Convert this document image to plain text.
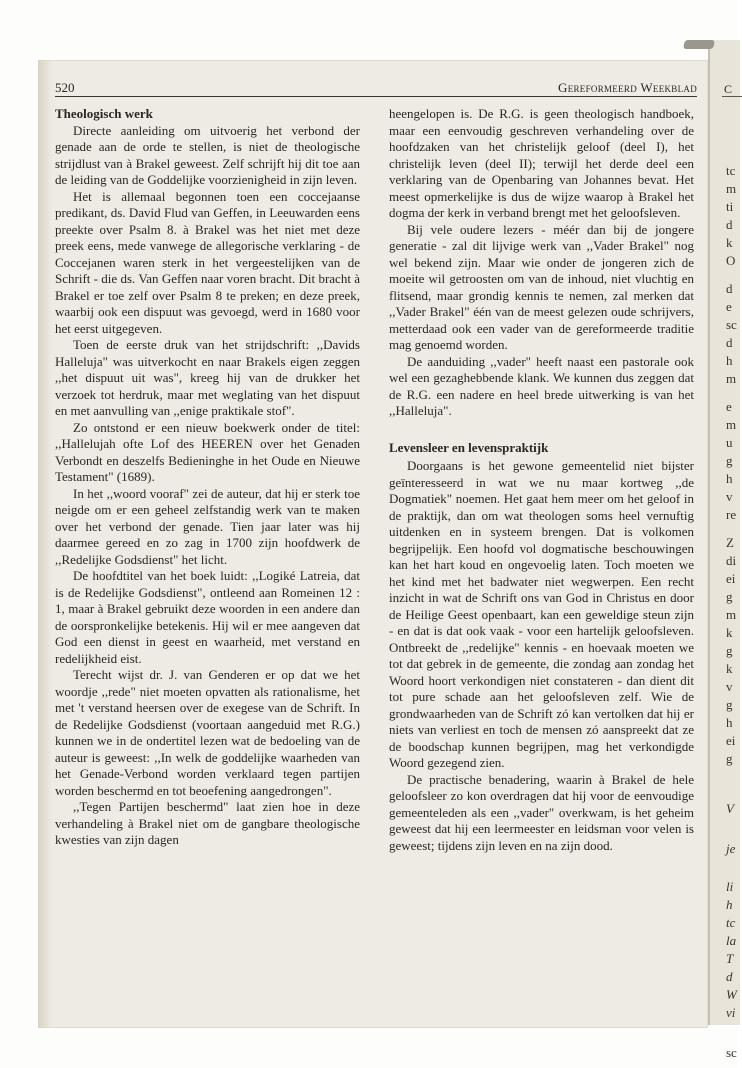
C
tc
m
ti
d
k
O
d
e
sc
d
h
m
e
m
u
g
h
v
re
Z
di
ei
g
m
k
g
k
v
g
h
ei
g
V
je
li
h
tc
la
T
d
W
vi
sc
520	Gereformeerd Weekblad
Theologisch werk

Directe aanleiding om uitvoerig het verbond der genade aan de orde te stellen, is niet de theologische strijdlust van à Brakel geweest. Zelf schrijft hij dit toe aan de leiding van de Goddelijke voorzienigheid in zijn leven.

Het is allemaal begonnen toen een coccejaanse predikant, ds. David Flud van Geffen, in Leeuwarden eens preekte over Psalm 8. à Brakel was het niet met deze preek eens, mede vanwege de allegorische verklaring - de Coccejanen waren sterk in het vergeestelijken van de Schrift - die ds. Van Geffen naar voren bracht. Dit bracht à Brakel er toe zelf over Psalm 8 te preken; en deze preek, waarbij ook een dispuut was gevoegd, werd in 1680 voor het eerst uitgegeven.

Toen de eerste druk van het strijdschrift: ,,Davids Halleluja" was uitverkocht en naar Brakels eigen zeggen ,,het dispuut uit was", kreeg hij van de drukker het verzoek tot herdruk, maar met weglating van het dispuut en met aanvulling van ,,enige praktikale stof".

Zo ontstond er een nieuw boekwerk onder de titel: ,,Hallelujah ofte Lof des HEEREN over het Genaden Verbondt en deszelfs Bedieninghe in het Oude en Nieuwe Testament" (1689).

In het ,,woord vooraf" zei de auteur, dat hij er sterk toe neigde om er een geheel zelfstandig werk van te maken over het verbond der genade. Tien jaar later was hij daarmee gereed en zo zag in 1700 zijn hoofdwerk de ,,Redelijke Godsdienst" het licht.

De hoofdtitel van het boek luidt: ,,Logiké Latreia, dat is de Redelijke Godsdienst", ontleend aan Romeinen 12 : 1, maar à Brakel gebruikt deze woorden in een andere dan de oorspronkelijke betekenis. Hij wil er mee aangeven dat God een dienst in geest en waarheid, met verstand en redelijkheid eist.

Terecht wijst dr. J. van Genderen er op dat we het woordje ,,rede" niet moeten opvatten als rationalisme, het met 't verstand heersen over de exegese van de Schrift. In de Redelijke Godsdienst (voortaan aangeduid met R.G.) kunnen we in de ondertitel lezen wat de bedoeling van de auteur is geweest: ,,In welk de goddelijke waarheden van het Genade-Verbond worden verklaard tegen partijen worden beschermd en tot beoefening aangedrongen".

,,Tegen Partijen beschermd" laat zien hoe in deze verhandeling à Brakel niet om de gangbare theologische kwesties van zijn dagen

heengelopen is. De R.G. is geen theologisch handboek, maar een eenvoudig geschreven verhandeling over de hoofdzaken van het christelijk geloof (deel I), het christelijk leven (deel II); terwijl het derde deel een verklaring van de Openbaring van Johannes bevat. Het meest opmerkelijke is dus de wijze waarop à Brakel het dogma der kerk in verband brengt met het geloofsleven.

Bij vele oudere lezers - méér dan bij de jongere generatie - zal dit lijvige werk van ,,Vader Brakel" nog wel bekend zijn. Maar wie onder de jongeren zich de moeite wil getroosten om van de inhoud, niet vluchtig en flitsend, maar grondig kennis te nemen, zal merken dat ,,Vader Brakel" één van de meest gelezen oude schrijvers, metterdaad ook een vader van de gereformeerde traditie mag genoemd worden.

De aanduiding ,,vader" heeft naast een pastorale ook wel een gezaghebbende klank. We kunnen dus zeggen dat de R.G. een nadere en heel brede uitwerking is van het ,,Halleluja".

Levensleer en levenspraktijk

Doorgaans is het gewone gemeentelid niet bijster geïnteresseerd in wat we nu maar kortweg ,,de Dogmatiek" noemen. Het gaat hem meer om het geloof in de praktijk, dan om wat theologen soms heel vernuftig uitdenken en in systeem brengen. Dat is volkomen begrijpelijk. Een hoofd vol dogmatische beschouwingen kan het hart koud en ongevoelig laten. Toch moeten we het kind met het badwater niet wegwerpen. Een recht inzicht in wat de Schrift ons van God in Christus en door de Heilige Geest openbaart, kan een geweldige steun zijn - en dat is dat ook vaak - voor een hartelijk geloofsleven. Ontbreekt de ,,redelijke" kennis - en hoevaak moeten we tot dat gebrek in de gemeente, die zondag aan zondag het Woord hoort verkondigen niet constateren - dan dient dit tot pure schade aan het geloofsleven zelf. Wie de grondwaarheden van de Schrift zó kan vertolken dat hij er niets van verliest en toch de mensen zó aanspreekt dat ze de boodschap kunnen begrijpen, mag het verkondigde Woord gezegend zien.

De practische benadering, waarin à Brakel de hele geloofsleer zo kon overdragen dat hij voor de eenvoudige gemeenteleden als een ,,vader" overkwam, is het geheim geweest dat hij een leermeester en leidsman voor velen is geweest; tijdens zijn leven en na zijn dood.
